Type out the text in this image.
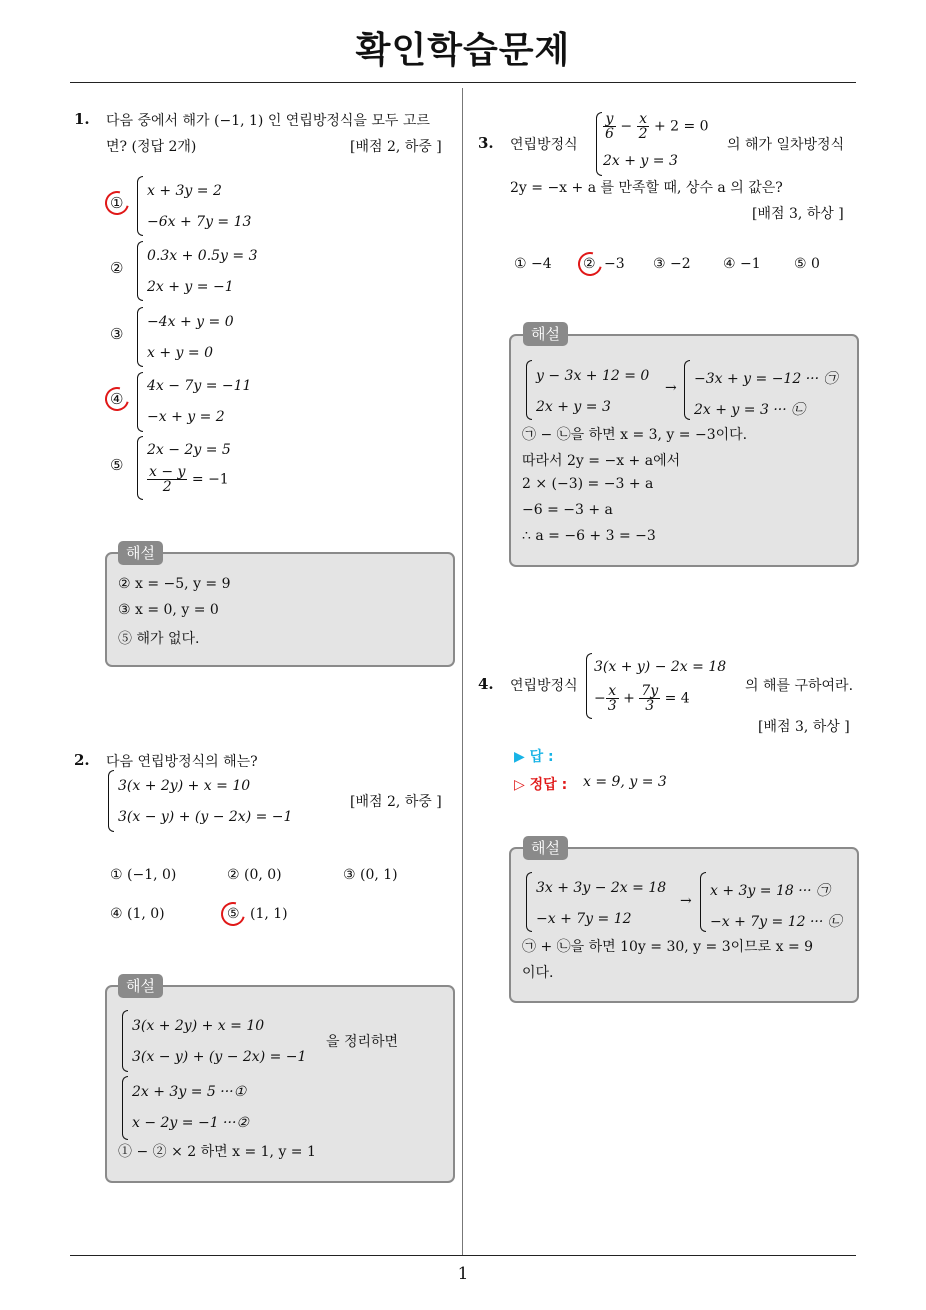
확인학습문제
1
1. 다음 중에서 해가 (−1, 1) 인 연립방정식을 모두 고르
면? (정답 2개)	[배점 2, 하중 ]
①
x + 3y = 2
−6x + 7y = 13
②
0.3x + 0.5y = 3
2x + y = −1
③
−4x + y = 0
x + y = 0
④
4x − 7y = −11
−x + y = 2
⑤
2x − 2y = 5
$\frac{x - y}{2} = -1$
해설
② x = −5, y = 9
③ x = 0, y = 0
⑤ 해가 없다.
2. 다음 연립방정식의 해는?
3(x + 2y) + x = 10
3(x − y) + (y − 2x) = −1
[배점 2, 하중 ]
① (−1, 0)	② (0, 0)	③ (0, 1)
④ (1, 0)	⑤ (1, 1)
해설
3(x + 2y) + x = 10
3(x − y) + (y − 2x) = −1
을 정리하면
2x + 3y = 5 ···①
x − 2y = −1 ···②
① − ② × 2 하면 x = 1, y = 1
3. 연립방정식
$\frac{y}{6} - \frac{x}{2} + 2 = 0$
2x + y = 3
의 해가 일차방정식
2y = −x + a 를 만족할 때, 상수 a 의 값은?
[배점 3, 하상 ]
① −4 ② −3 ③ −2 ④ −1 ⑤ 0
해설
y − 3x + 12 = 0
2x + y = 3
→
−3x + y = −12 ··· ㉠
2x + y = 3 ··· ㉡
㉠ − ㉡을 하면 x = 3, y = −3이다.
따라서 2y = −x + a에서
2 × (−3) = −3 + a
−6 = −3 + a
∴ a = −6 + 3 = −3
4. 연립방정식
3(x + y) − 2x = 18
− $\frac{x}{3} + \frac{7y}{3} = 4$
의 해를 구하여라.
[배점 3, 하상 ]
▶ 답 :
▷ 정답 : x = 9, y = 3
해설
3x + 3y − 2x = 18
−x + 7y = 12
→
x + 3y = 18 ··· ㉠
−x + 7y = 12 ··· ㉡
㉠ + ㉡을 하면 10y = 30, y = 3이므로 x = 9
이다.
